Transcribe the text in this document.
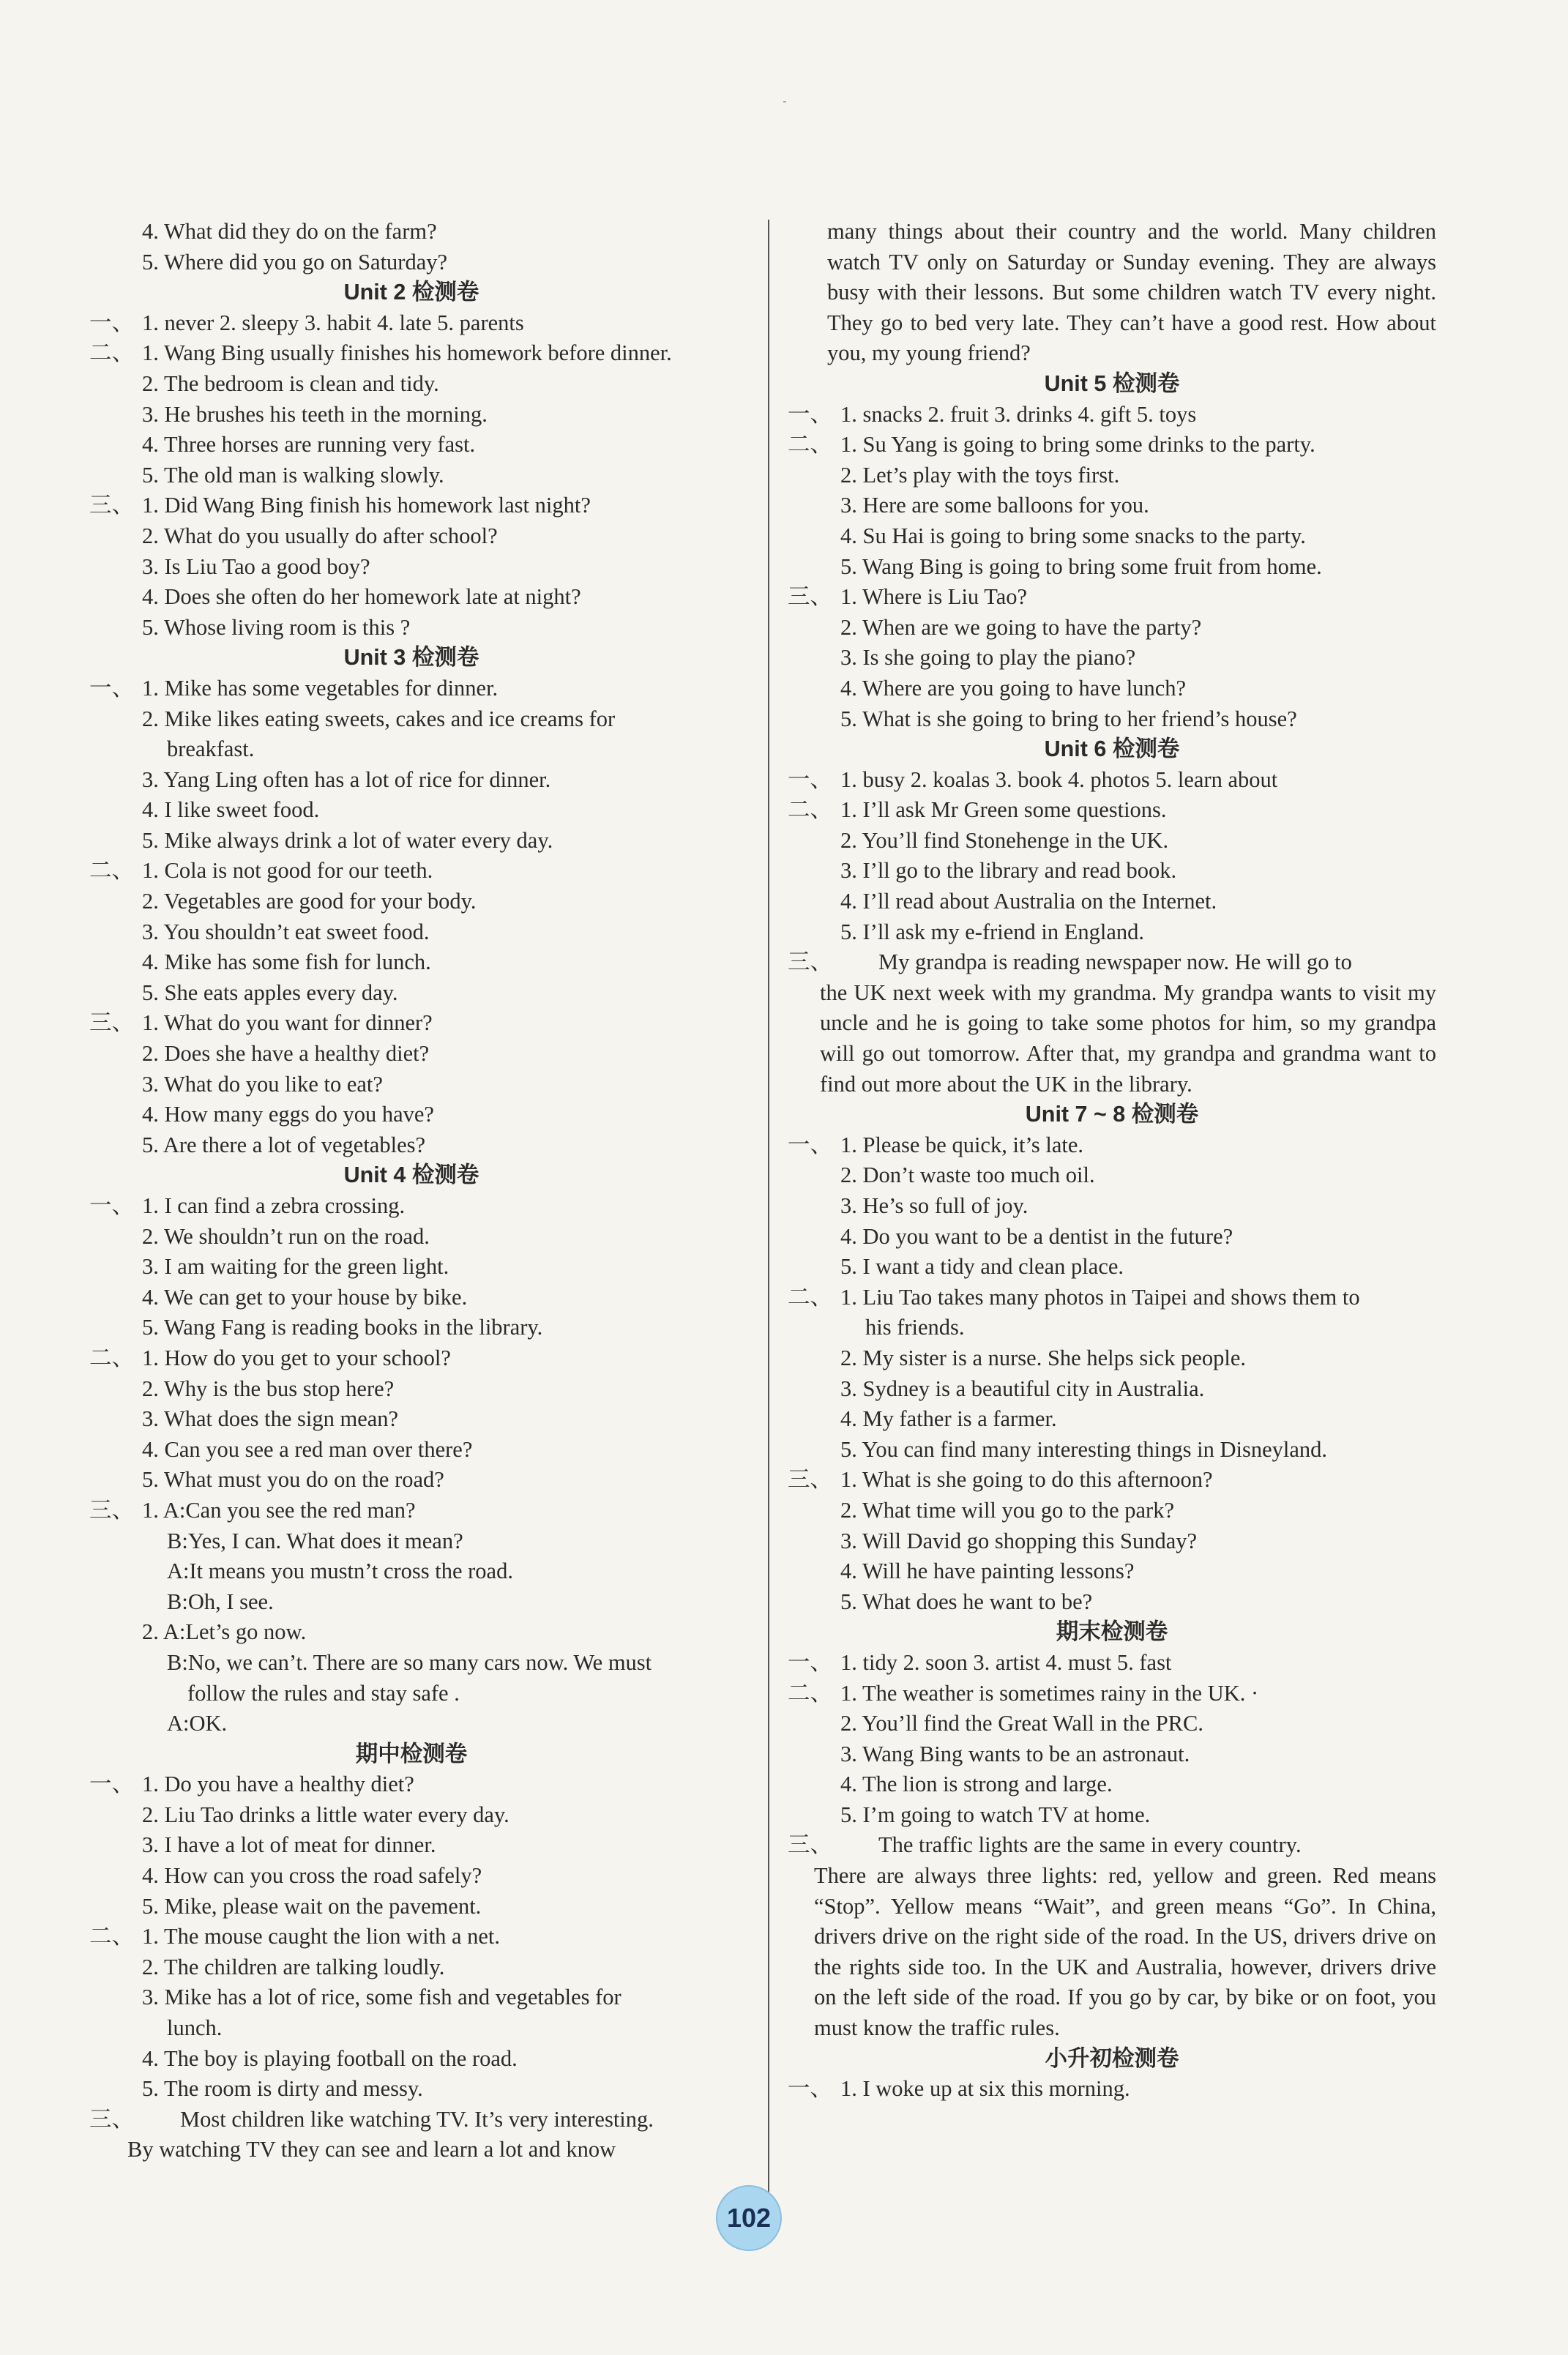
4. What did they do on the farm?
5. Where did you go on Saturday?
Unit 2 检测卷
一、 1. never 2. sleepy 3. habit 4. late 5. parents
二、 1. Wang Bing usually finishes his homework before dinner.
2. The bedroom is clean and tidy.
3. He brushes his teeth in the morning.
4. Three horses are running very fast.
5. The old man is walking slowly.
三、 1. Did Wang Bing finish his homework last night?
2. What do you usually do after school?
3. Is Liu Tao a good boy?
4. Does she often do her homework late at night?
5. Whose living room is this ?
Unit 3 检测卷
一、 1. Mike has some vegetables for dinner.
2. Mike likes eating sweets, cakes and ice creams for
breakfast.
3. Yang Ling often has a lot of rice for dinner.
4. I like sweet food.
5. Mike always drink a lot of water every day.
二、 1. Cola is not good for our teeth.
2. Vegetables are good for your body.
3. You shouldn’t eat sweet food.
4. Mike has some fish for lunch.
5. She eats apples every day.
三、 1. What do you want for dinner?
2. Does she have a healthy diet?
3. What do you like to eat?
4. How many eggs do you have?
5. Are there a lot of vegetables?
Unit 4 检测卷
一、 1. I can find a zebra crossing.
2. We shouldn’t run on the road.
3. I am waiting for the green light.
4. We can get to your house by bike.
5. Wang Fang is reading books in the library.
二、 1. How do you get to your school?
2. Why is the bus stop here?
3. What does the sign mean?
4. Can you see a red man over there?
5. What must you do on the road?
三、 1. A:Can you see the red man?
B:Yes, I can. What does it mean?
A:It means you mustn’t cross the road.
B:Oh, I see.
2. A:Let’s go now.
B:No, we can’t. There are so many cars now. We must
follow the rules and stay safe .
A:OK.
期中检测卷
一、 1. Do you have a healthy diet?
2. Liu Tao drinks a little water every day.
3. I have a lot of meat for dinner.
4. How can you cross the road safely?
5. Mike, please wait on the pavement.
二、 1. The mouse caught the lion with a net.
2. The children are talking loudly.
3. Mike has a lot of rice, some fish and vegetables for
lunch.
4. The boy is playing football on the road.
5. The room is dirty and messy.
三、	Most children like watching TV. It’s very interesting.
By watching TV they can see and learn a lot and know
many things about their country and the world. Many children watch TV only on Saturday or Sunday evening. They are always busy with their lessons. But some children watch TV every night. They go to bed very late. They can’t have a good rest. How about you, my young friend?
Unit 5 检测卷
一、 1. snacks 2. fruit 3. drinks 4. gift 5. toys
二、 1. Su Yang is going to bring some drinks to the party.
2. Let’s play with the toys first.
3. Here are some balloons for you.
4. Su Hai is going to bring some snacks to the party.
5. Wang Bing is going to bring some fruit from home.
三、 1. Where is Liu Tao?
2. When are we going to have the party?
3. Is she going to play the piano?
4. Where are you going to have lunch?
5. What is she going to bring to her friend’s house?
Unit 6 检测卷
一、 1. busy 2. koalas 3. book 4. photos 5. learn about
二、 1. I’ll ask Mr Green some questions.
2. You’ll find Stonehenge in the UK.
3. I’ll go to the library and read book.
4. I’ll read about Australia on the Internet.
5. I’ll ask my e-friend in England.
三、	My grandpa is reading newspaper now. He will go to
the UK next week with my grandma. My grandpa wants to visit my uncle and he is going to take some photos for him, so my grandpa will go out tomorrow. After that, my grandpa and grandma want to find out more about the UK in the library.
Unit 7 ~ 8 检测卷
一、 1. Please be quick, it’s late.
2. Don’t waste too much oil.
3. He’s so full of joy.
4. Do you want to be a dentist in the future?
5. I want a tidy and clean place.
二、 1. Liu Tao takes many photos in Taipei and shows them to
his friends.
2. My sister is a nurse. She helps sick people.
3. Sydney is a beautiful city in Australia.
4. My father is a farmer.
5. You can find many interesting things in Disneyland.
三、 1. What is she going to do this afternoon?
2. What time will you go to the park?
3. Will David go shopping this Sunday?
4. Will he have painting lessons?
5. What does he want to be?
期末检测卷
一、 1. tidy 2. soon 3. artist 4. must 5. fast
二、 1. The weather is sometimes rainy in the UK. ·
2. You’ll find the Great Wall in the PRC.
3. Wang Bing wants to be an astronaut.
4. The lion is strong and large.
5. I’m going to watch TV at home.
三、	The traffic lights are the same in every country.
There are always three lights: red, yellow and green. Red means “Stop”. Yellow means “Wait”, and green means “Go”. In China, drivers drive on the right side of the road. In the US, drivers drive on the rights side too. In the UK and Australia, however, drivers drive on the left side of the road. If you go by car, by bike or on foot, you must know the traffic rules.
小升初检测卷
一、 1. I woke up at six this morning.
102
